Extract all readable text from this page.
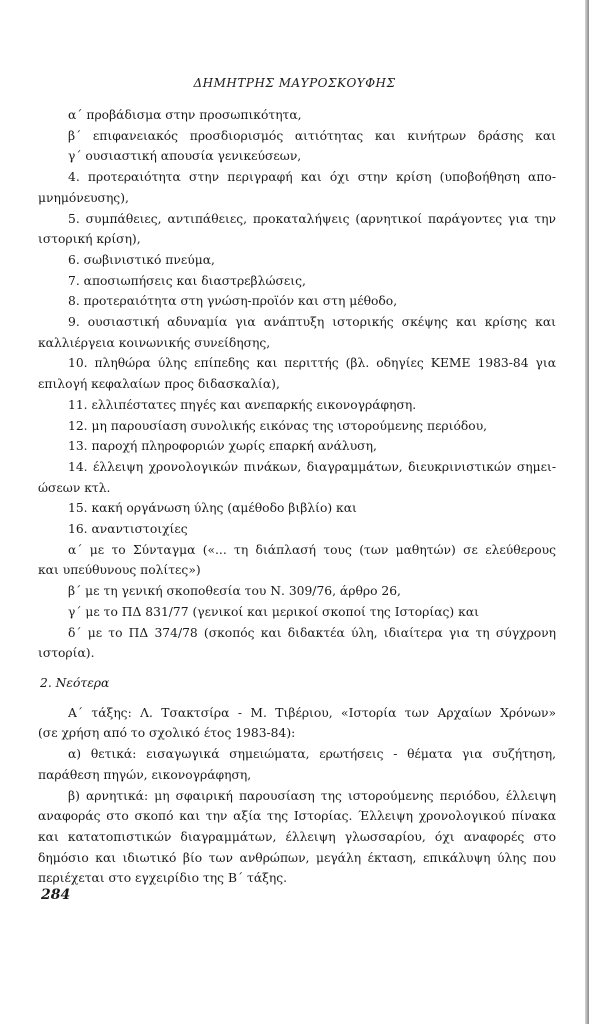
ΔΗΜΗΤΡΗΣ ΜΑΥΡΟΣΚΟΥΦΗΣ
α΄ προβάδισμα στην προσωπικότητα,
β΄ επιφανειακός προσδιορισμός αιτιότητας και κινήτρων δράσης και
γ΄ ουσιαστική απουσία γενικεύσεων,
4. προτεραιότητα στην περιγραφή και όχι στην κρίση (υποβοήθηση απο-
μνημόνευσης),
5. συμπάθειες, αντιπάθειες, προκαταλήψεις (αρνητικοί παράγοντες για την
ιστορική κρίση),
6. σωβινιστικό πνεύμα,
7. αποσιωπήσεις και διαστρεβλώσεις,
8. προτεραιότητα στη γνώση-προϊόν και στη μέθοδο,
9. ουσιαστική αδυναμία για ανάπτυξη ιστορικής σκέψης και κρίσης και
καλλιέργεια κοινωνικής συνείδησης,
10. πληθώρα ύλης επίπεδης και περιττής (βλ. οδηγίες ΚΕΜΕ 1983-84 για
επιλογή κεφαλαίων προς διδασκαλία),
11. ελλιπέστατες πηγές και ανεπαρκής εικονογράφηση.
12. μη παρουσίαση συνολικής εικόνας της ιστορούμενης περιόδου,
13. παροχή πληροφοριών χωρίς επαρκή ανάλυση,
14. έλλειψη χρονολογικών πινάκων, διαγραμμάτων, διευκρινιστικών σημει-
ώσεων κτλ.
15. κακή οργάνωση ύλης (αμέθοδο βιβλίο) και
16. αναντιστοιχίες
α΄ με το Σύνταγμα («... τη διάπλασή τους (των μαθητών) σε ελεύθερους
και υπεύθυνους πολίτες»)
β΄ με τη γενική σκοποθεσία του Ν. 309/76, άρθρο 26,
γ΄ με το ΠΔ 831/77 (γενικοί και μερικοί σκοποί της Ιστορίας) και
δ΄ με το ΠΔ 374/78 (σκοπός και διδακτέα ύλη, ιδιαίτερα για τη σύγχρονη
ιστορία).
2. Νεότερα
Α΄ τάξης: Λ. Τσακτσίρα - Μ. Τιβέριου, «Ιστορία των Αρχαίων Χρόνων»
(σε χρήση από το σχολικό έτος 1983-84):
α) θετικά: εισαγωγικά σημειώματα, ερωτήσεις - θέματα για συζήτηση,
παράθεση πηγών, εικονογράφηση,
β) αρνητικά: μη σφαιρική παρουσίαση της ιστορούμενης περιόδου, έλλειψη
αναφοράς στο σκοπό και την αξία της Ιστορίας. Έλλειψη χρονολογικού πίνακα
και κατατοπιστικών διαγραμμάτων, έλλειψη γλωσσαρίου, όχι αναφορές στο
δημόσιο και ιδιωτικό βίο των ανθρώπων, μεγάλη έκταση, επικάλυψη ύλης που
περιέχεται στο εγχειρίδιο της Β΄ τάξης.
284
